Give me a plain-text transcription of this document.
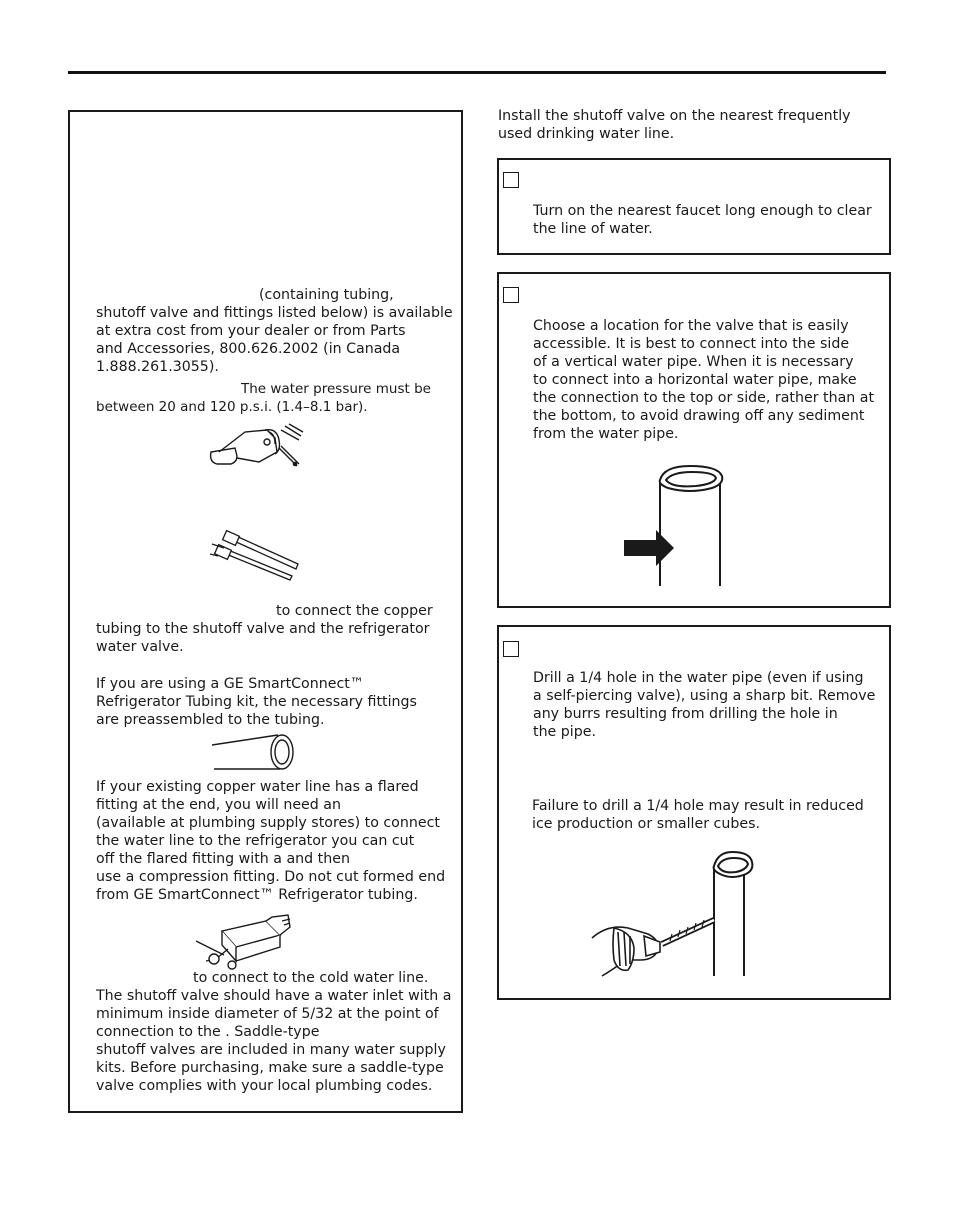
(containing tubing,
shutoff valve and fittings listed below) is available
at extra cost from your dealer or from Parts
and Accessories, 800.626.2002 (in Canada
1.888.261.3055).

The water pressure must be
between 20 and 120 p.s.i. (1.4–8.1 bar).

to connect the copper
tubing to the shutoff valve and the refrigerator
water valve.

If you are using a GE SmartConnect™
Refrigerator Tubing kit, the necessary fittings
are preassembled to the tubing.

If your existing copper water line has a flared
fitting at the end, you will need an
(available at plumbing supply stores) to connect
the water line to the refrigerator you can cut
off the flared fitting with a and then
use a compression fitting. Do not cut formed end
from GE SmartConnect™ Refrigerator tubing.

to connect to the cold water line.

The shutoff valve should have a water inlet with a
minimum inside diameter of 5/32 at the point of
connection to the . Saddle-type
shutoff valves are included in many water supply
kits. Before purchasing, make sure a saddle-type
valve complies with your local plumbing codes.

Install the shutoff valve on the nearest frequently
used drinking water line.

Turn on the nearest faucet long enough to clear
the line of water.

Choose a location for the valve that is easily
accessible. It is best to connect into the side
of a vertical water pipe. When it is necessary
to connect into a horizontal water pipe, make
the connection to the top or side, rather than at
the bottom, to avoid drawing off any sediment
from the water pipe.

Drill a 1/4 hole in the water pipe (even if using
a self-piercing valve), using a sharp bit. Remove
any burrs resulting from drilling the hole in
the pipe.

Failure to drill a 1/4 hole may result in reduced
ice production or smaller cubes.
